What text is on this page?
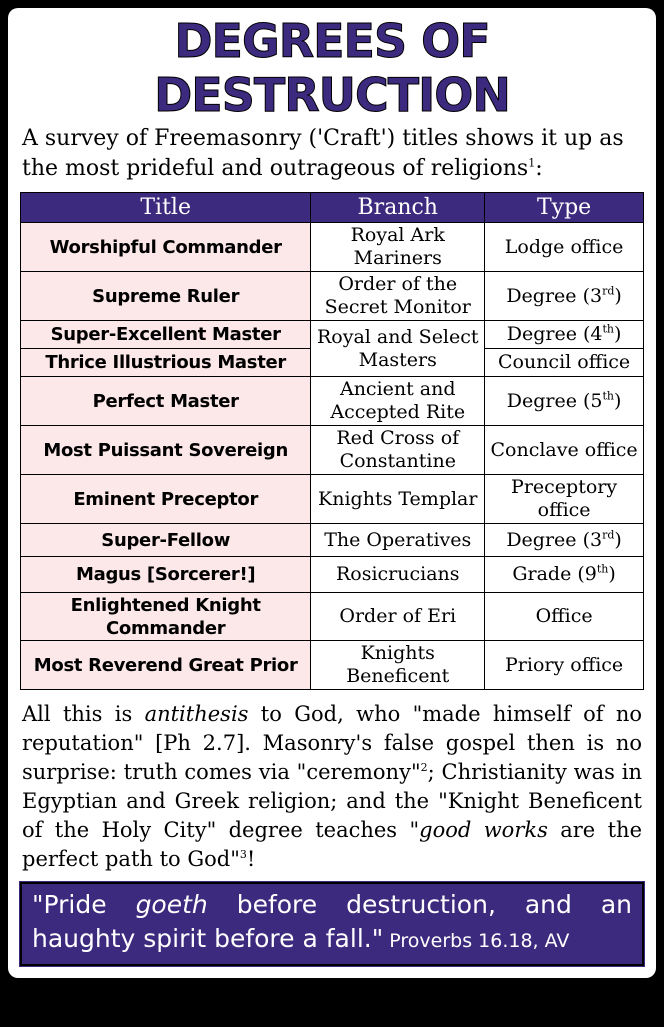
DEGREES OF DESTRUCTION
A survey of Freemasonry ('Craft') titles shows it up as the most prideful and outrageous of religions$^1$:
Title	Branch	Type
Worshipful Commander	Royal Ark Mariners	Lodge office
Supreme Ruler	Order of the Secret Monitor	Degree (3rd)
Super-Excellent Master	Royal and Select Masters	Degree (4th)
Thrice Illustrious Master		Council office
Perfect Master	Ancient and Accepted Rite	Degree (5th)
Most Puissant Sovereign	Red Cross of Constantine	Conclave office
Eminent Preceptor	Knights Templar	Preceptory office
Super-Fellow	The Operatives	Degree (3rd)
Magus [Sorcerer!]	Rosicrucians	Grade (9th)
Enlightened Knight Commander	Order of Eri	Office
Most Reverend Great Prior	Knights Beneficent	Priory office
All this is antithesis to God, who "made himself of no reputation" [Ph 2.7]. Masonry's false gospel then is no surprise: truth comes via "ceremony"$^2$; Christianity was in Egyptian and Greek religion; and the "Knight Beneficent of the Holy City" degree teaches "good works are the perfect path to God"$^3$!
"Pride goeth before destruction, and an haughty spirit before a fall." Proverbs 16.18, AV
$^1$Keith B Jackson, Beyond the Craft, Lewis Masonic, London, UK, 1980 (1991 edn.)	$^2$___, p. 6	$^3$___, pp. 90
